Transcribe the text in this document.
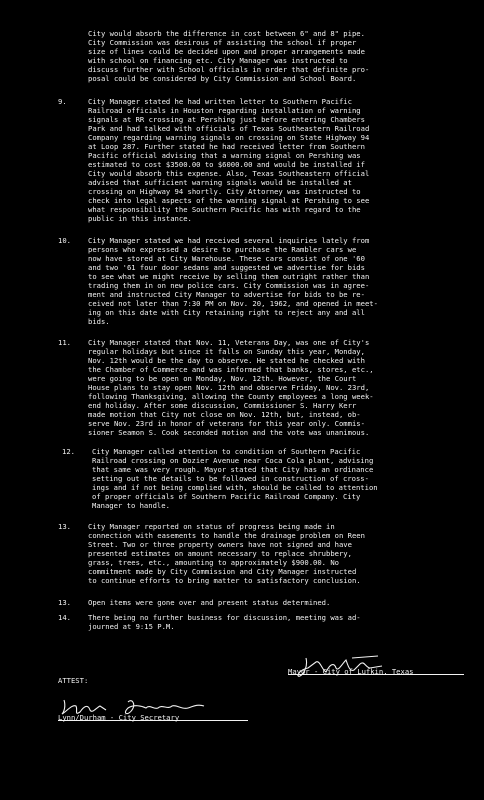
City would absorb the difference in cost between 6" and 8" pipe.
City Commission was desirous of assisting the school if proper
size of lines could be decided upon and proper arrangements made
with school on financing etc. City Manager was instructed to
discuss further with School officials in order that definite pro-
posal could be considered by City Commission and School Board.
9.	City Manager stated he had written letter to Southern Pacific
Railroad officials in Houston regarding installation of warning
signals at RR crossing at Pershing just before entering Chambers
Park and had talked with officials of Texas Southeastern Railroad
Company regarding warning signals on crossing on State Highway 94
at Loop 287. Further stated he had received letter from Southern
Pacific official advising that a warning signal on Pershing was
estimated to cost $3500.00 to $6000.00 and would be installed if
City would absorb this expense. Also, Texas Southeastern official
advised that sufficient warning signals would be installed at
crossing on Highway 94 shortly. City Attorney was instructed to
check into legal aspects of the warning signal at Pershing to see
what responsibility the Southern Pacific has with regard to the
public in this instance.
10.	City Manager stated we had received several inquiries lately from
persons who expressed a desire to purchase the Rambler cars we
now have stored at City Warehouse. These cars consist of one '60
and two '61 four door sedans and suggested we advertise for bids
to see what we might receive by selling them outright rather than
trading them in on new police cars. City Commission was in agree-
ment and instructed City Manager to advertise for bids to be re-
ceived not later than 7:30 PM on Nov. 20, 1962, and opened in meet-
ing on this date with City retaining right to reject any and all
bids.
11.	City Manager stated that Nov. 11, Veterans Day, was one of City's
regular holidays but since it falls on Sunday this year, Monday,
Nov. 12th would be the day to observe. He stated he checked with
the Chamber of Commerce and was informed that banks, stores, etc.,
were going to be open on Monday, Nov. 12th. However, the Court
House plans to stay open Nov. 12th and observe Friday, Nov. 23rd,
following Thanksgiving, allowing the County employees a long week-
end holiday. After some discussion, Commissioner S. Harry Kerr
made motion that City not close on Nov. 12th, but, instead, ob-
serve Nov. 23rd in honor of veterans for this year only. Commis-
sioner Seamon S. Cook seconded motion and the vote was unanimous.
12.	City Manager called attention to condition of Southern Pacific
Railroad crossing on Dozier Avenue near Coca Cola plant, advising
that same was very rough. Mayor stated that City has an ordinance
setting out the details to be followed in construction of cross-
ings and if not being complied with, should be called to attention
of proper officials of Southern Pacific Railroad Company. City
Manager to handle.
13.	City Manager reported on status of progress being made in
connection with easements to handle the drainage problem on Reen
Street. Two or three property owners have not signed and have
presented estimates on amount necessary to replace shrubbery,
grass, trees, etc., amounting to approximately $900.00. No
commitment made by City Commission and City Manager instructed
to continue efforts to bring matter to satisfactory conclusion.
13.	Open items were gone over and present status determined.
14.	There being no further business for discussion, meeting was ad-
journed at 9:15 P.M.
Mayor - City of Lufkin, Texas
ATTEST:
Lynn/Durham - City Secretary
